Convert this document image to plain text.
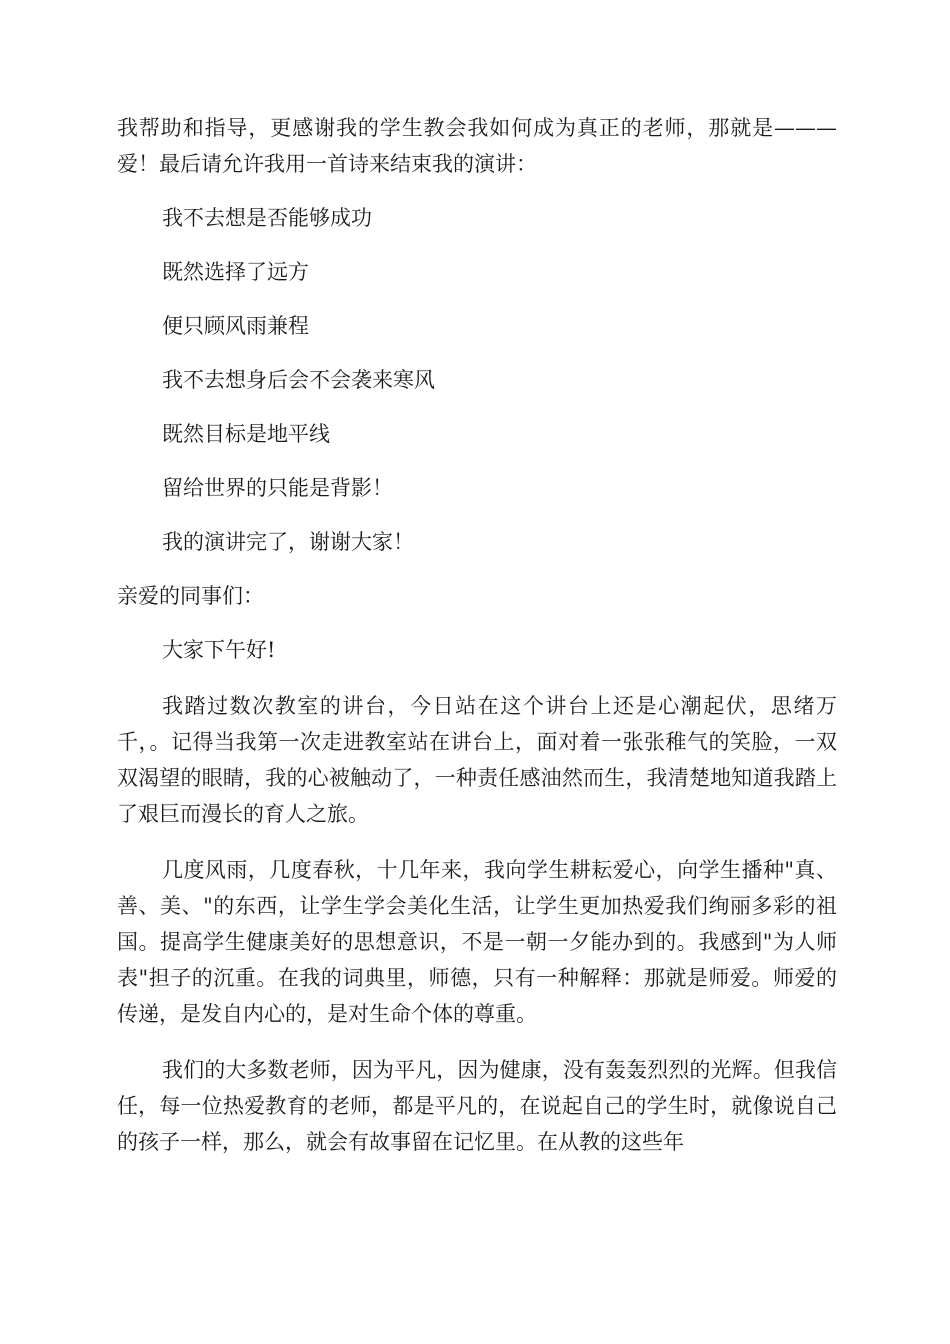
我帮助和指导，更感谢我的学生教会我如何成为真正的老师，那就是———爱！最后请允许我用一首诗来结束我的演讲：

我不去想是否能够成功

既然选择了远方

便只顾风雨兼程

我不去想身后会不会袭来寒风

既然目标是地平线

留给世界的只能是背影！

我的演讲完了，谢谢大家！

亲爱的同事们：

大家下午好!

我踏过数次教室的讲台，今日站在这个讲台上还是心潮起伏，思绪万千，。记得当我第一次走进教室站在讲台上，面对着一张张稚气的笑脸，一双双渴望的眼睛，我的心被触动了，一种责任感油然而生，我清楚地知道我踏上了艰巨而漫长的育人之旅。

几度风雨，几度春秋，十几年来，我向学生耕耘爱心，向学生播种"真、善、美、"的东西，让学生学会美化生活，让学生更加热爱我们绚丽多彩的祖国。提高学生健康美好的思想意识，不是一朝一夕能办到的。我感到"为人师表"担子的沉重。在我的词典里，师德，只有一种解释：那就是师爱。师爱的传递，是发自内心的，是对生命个体的尊重。

我们的大多数老师，因为平凡，因为健康，没有轰轰烈烈的光辉。但我信任，每一位热爱教育的老师，都是平凡的，在说起自己的学生时，就像说自己的孩子一样，那么，就会有故事留在记忆里。在从教的这些年
